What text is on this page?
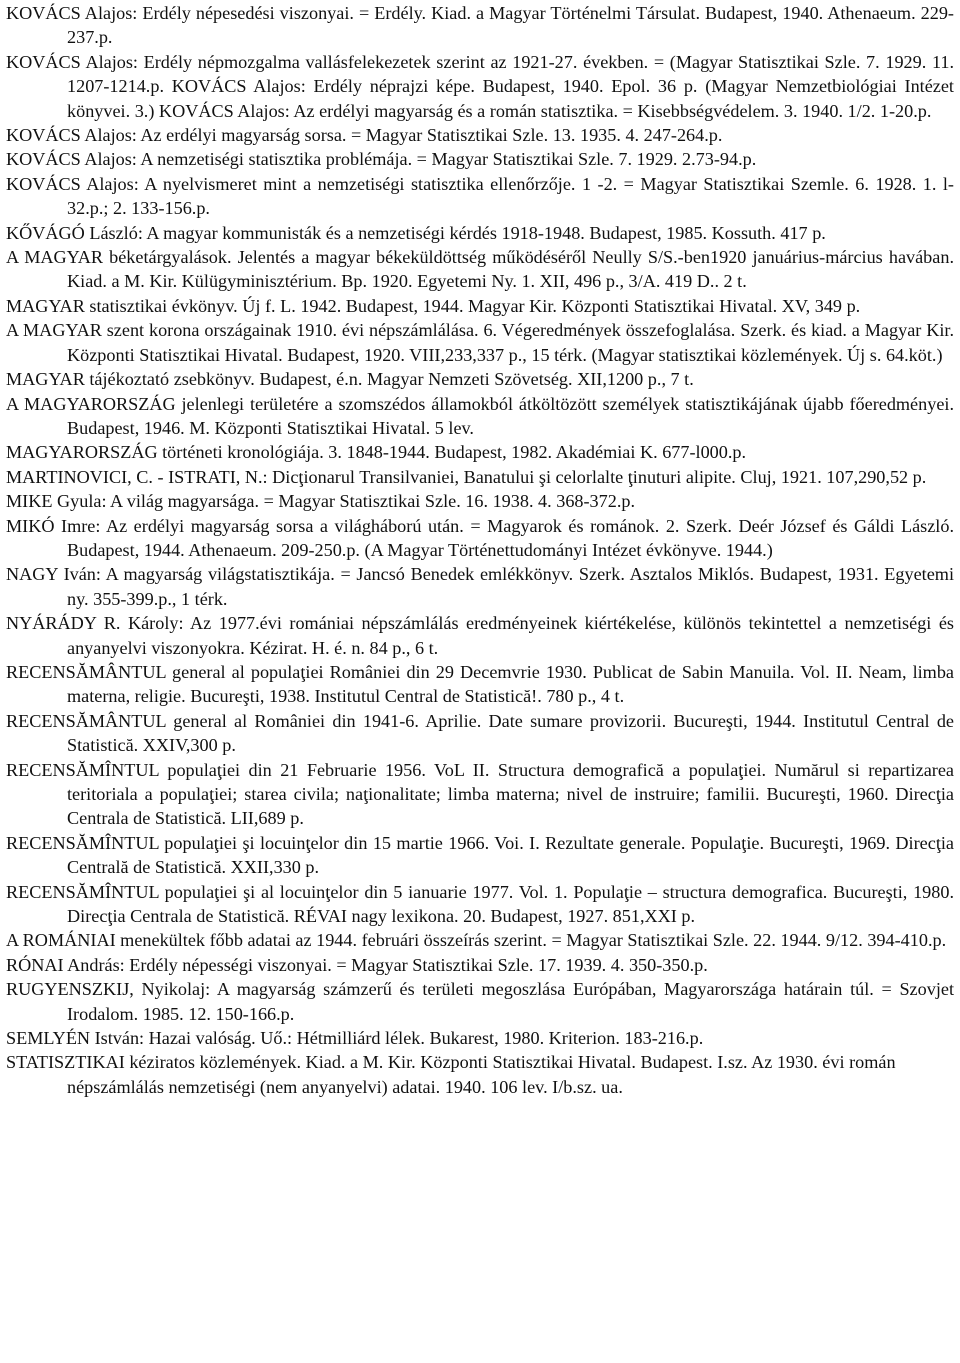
KOVÁCS Alajos: Erdély népesedési viszonyai. = Erdély. Kiad. a Magyar Történelmi Társulat. Budapest, 1940. Athenaeum. 229-237.p.

KOVÁCS Alajos: Erdély népmozgalma vallásfelekezetek szerint az 1921-27. években. = (Magyar Statisztikai Szle. 7. 1929. 11. 1207-1214.p. KOVÁCS Alajos: Erdély néprajzi képe. Budapest, 1940. Epol. 36 p. (Magyar Nemzetbiológiai Intézet könyvei. 3.) KOVÁCS Alajos: Az erdélyi magyarság és a román statisztika. = Kisebbségvédelem. 3. 1940. 1/2. 1-20.p.

KOVÁCS Alajos: Az erdélyi magyarság sorsa. = Magyar Statisztikai Szle. 13. 1935. 4. 247-264.p.

KOVÁCS Alajos: A nemzetiségi statisztika problémája. = Magyar Statisztikai Szle. 7. 1929. 2.73-94.p.

KOVÁCS Alajos: A nyelvismeret mint a nemzetiségi statisztika ellenőrzője. 1 -2. = Magyar Statisztikai Szemle. 6. 1928. 1. l-32.p.; 2. 133-156.p.

KŐVÁGÓ László: A magyar kommunisták és a nemzetiségi kérdés 1918-1948. Budapest, 1985. Kossuth. 417 p.

A MAGYAR béketárgyalások. Jelentés a magyar békeküldöttség működéséről Neully S/S.-ben1920 januárius-március havában. Kiad. a M. Kir. Külügyminisztérium. Bp. 1920. Egyetemi Ny. 1. XII, 496 p., 3/A. 419 D.. 2 t.

MAGYAR statisztikai évkönyv. Új f. L. 1942. Budapest, 1944. Magyar Kir. Központi Statisztikai Hivatal. XV, 349 p.

A MAGYAR szent korona országainak 1910. évi népszámlálása. 6. Végeredmények összefoglalása. Szerk. és kiad. a Magyar Kir. Központi Statisztikai Hivatal. Budapest, 1920. VIII,233,337 p., 15 térk. (Magyar statisztikai közlemények. Új s. 64.köt.)

MAGYAR tájékoztató zsebkönyv. Budapest, é.n. Magyar Nemzeti Szövetség. XII,1200 p., 7 t.

A MAGYARORSZÁG jelenlegi területére a szomszédos államokból átköltözött személyek statisztikájának újabb főeredményei. Budapest, 1946. M. Központi Statisztikai Hivatal. 5 lev.

MAGYARORSZÁG történeti kronológiája. 3. 1848-1944. Budapest, 1982. Akadémiai K. 677-l000.p.

MARTINOVICI, C. - ISTRATI, N.: Dicţionarul Transilvaniei, Banatului şi celorlalte ţinuturi alipite. Cluj, 1921. 107,290,52 p.

MIKE Gyula: A világ magyarsága. = Magyar Statisztikai Szle. 16. 1938. 4. 368-372.p.

MIKÓ Imre: Az erdélyi magyarság sorsa a világháború után. = Magyarok és románok. 2. Szerk. Deér József és Gáldi László. Budapest, 1944. Athenaeum. 209-250.p. (A Magyar Történettudományi Intézet évkönyve. 1944.)

NAGY Iván: A magyarság világstatisztikája. = Jancsó Benedek emlékkönyv. Szerk. Asztalos Miklós. Budapest, 1931. Egyetemi ny. 355-399.p., 1 térk.

NYÁRÁDY R. Károly: Az 1977.évi romániai népszámlálás eredményeinek kiértékelése, különös tekintettel a nemzetiségi és anyanyelvi viszonyokra. Kézirat. H. é. n. 84 p., 6 t.

RECENSĂMÂNTUL general al populaţiei României din 29 Decemvrie 1930. Publicat de Sabin Manuila. Vol. II. Neam, limba materna, religie. Bucureşti, 1938. Institutul Central de Statistică!. 780 p., 4 t.

RECENSĂMÂNTUL general al României din 1941-6. Aprilie. Date sumare provizorii. Bucureşti, 1944. Institutul Central de Statistică. XXIV,300 p.

RECENSĂMÎNTUL populaţiei din 21 Februarie 1956. VoL II. Structura demografică a populaţiei. Numărul si repartizarea teritoriala a populaţiei; starea civila; naţionalitate; limba materna; nivel de instruire; familii. Bucureşti, 1960. Direcţia Centrala de Statistică. LII,689 p.

RECENSĂMÎNTUL populaţiei şi locuinţelor din 15 martie 1966. Voi. I. Rezultate generale. Populaţie. Bucureşti, 1969. Direcţia Centrală de Statistică. XXII,330 p.

RECENSĂMÎNTUL populaţiei şi al locuinţelor din 5 ianuarie 1977. Vol. 1. Populaţie – structura demografica. Bucureşti, 1980. Direcţia Centrala de Statistică. RÉVAI nagy lexikona. 20. Budapest, 1927. 851,XXI p.

A ROMÁNIAI menekültek főbb adatai az 1944. februári összeírás szerint. = Magyar Statisztikai Szle. 22. 1944. 9/12. 394-410.p.

RÓNAI András: Erdély népességi viszonyai. = Magyar Statisztikai Szle. 17. 1939. 4. 350-350.p.

RUGYENSZKIJ, Nyikolaj: A magyarság számzerű és területi megoszlása Európában, Magyarországa határain túl. = Szovjet Irodalom. 1985. 12. 150-166.p.

SEMLYÉN István: Hazai valóság. Uő.: Hétmilliárd lélek. Bukarest, 1980. Kriterion. 183-216.p.

STATISZTIKAI kéziratos közlemények. Kiad. a M. Kir. Központi Statisztikai Hivatal. Budapest. I.sz. Az 1930. évi román népszámlálás nemzetiségi (nem anyanyelvi) adatai. 1940. 106 lev. I/b.sz. ua.
